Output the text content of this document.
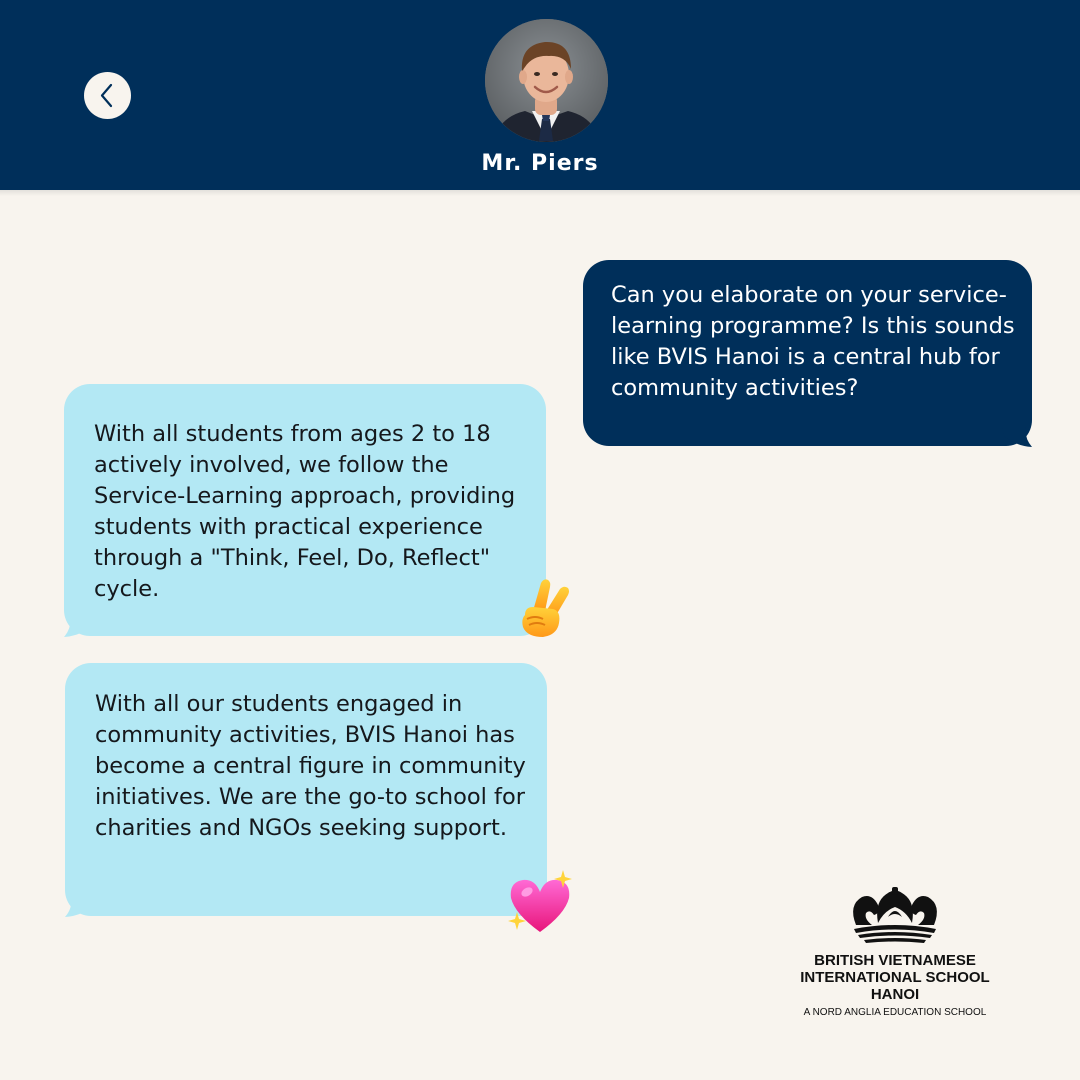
Mr. Piers
Can you elaborate on your service-learning programme? Is this sounds like BVIS Hanoi is a central hub for community activities?
With all students from ages 2 to 18 actively involved, we follow the Service-Learning approach, providing students with practical experience through a "Think, Feel, Do, Reflect" cycle.
With all our students engaged in community activities, BVIS Hanoi has become a central figure in community initiatives. We are the go-to school for charities and NGOs seeking support.
BRITISH VIETNAMESE
INTERNATIONAL SCHOOL
HANOI
A NORD ANGLIA EDUCATION SCHOOL
